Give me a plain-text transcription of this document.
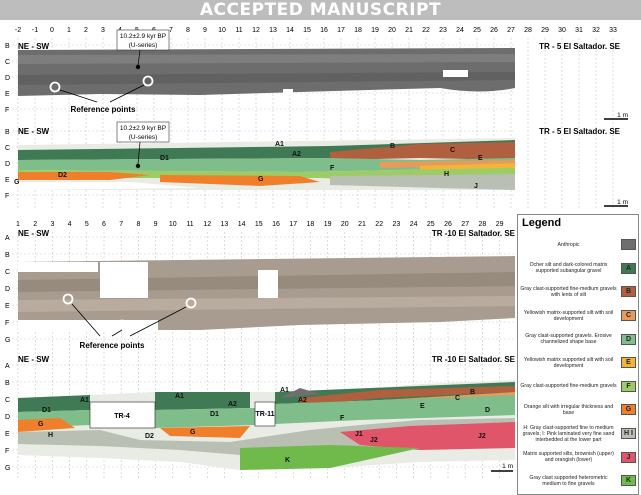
ACCEPTED MANUSCRIPT
-2 -1 0 1 2 3	7 8 9 10 11 12 13 14 15 16 17 18 19 20 21 22 23 24 25 26 27 28 29 30 31 32 33
B
C
D
E
F
B
C
D
E
F
NE - SW	TR - 5 El Saltador. SE
10.2±2.9 kyr BP
(U-series)
Reference points
1 m
NE - SW	TR - 5 El Saltador. SE
10.2±2.9 kyr BP
(U-series)
A1
A2
D1
B
C
E
F
G
G
D2	H
J
1 m
1 2 3 4 5 6 7 8 9 10 11 12 13 14 15 16 17 18 19 20 21 22 23 24 25 26 27 28 29
A
B
C
D
E
F
G
A
B
C
D
E
F
G
NE - SW	TR -10 El Saltador. SE
Reference points
NE - SW	TR -10 El Saltador. SE
TR-4	TR-11
A1
A1
D1
A1
A2
D1
A2
G
G
D2
H
E
C
B
J1
J2
J2
K
F
D
1 m
Legend
Anthropic
Ocher silt and dark-colored matrix supported subangular gravel	A
Gray clast-supported fine-medium gravels with lents of silt	B
Yellowish matrix-supported silt with soil development	C
Gray clast-supported gravels. Erosive channelized shape base	D
Yellowish matrix supported silt with soil development	E
Gray clast-supported fine-medium gravels	F
Orange silt with irregular thickness and base	G
H: Gray clast-supported fine to medium gravels; I: Pink laminated very fine sand interbedded at the lower part
H I
Matrix supported silts, brownish (upper) and orangish (lower)	J
Gray clast supported heterometric medium to fine gravels	K
